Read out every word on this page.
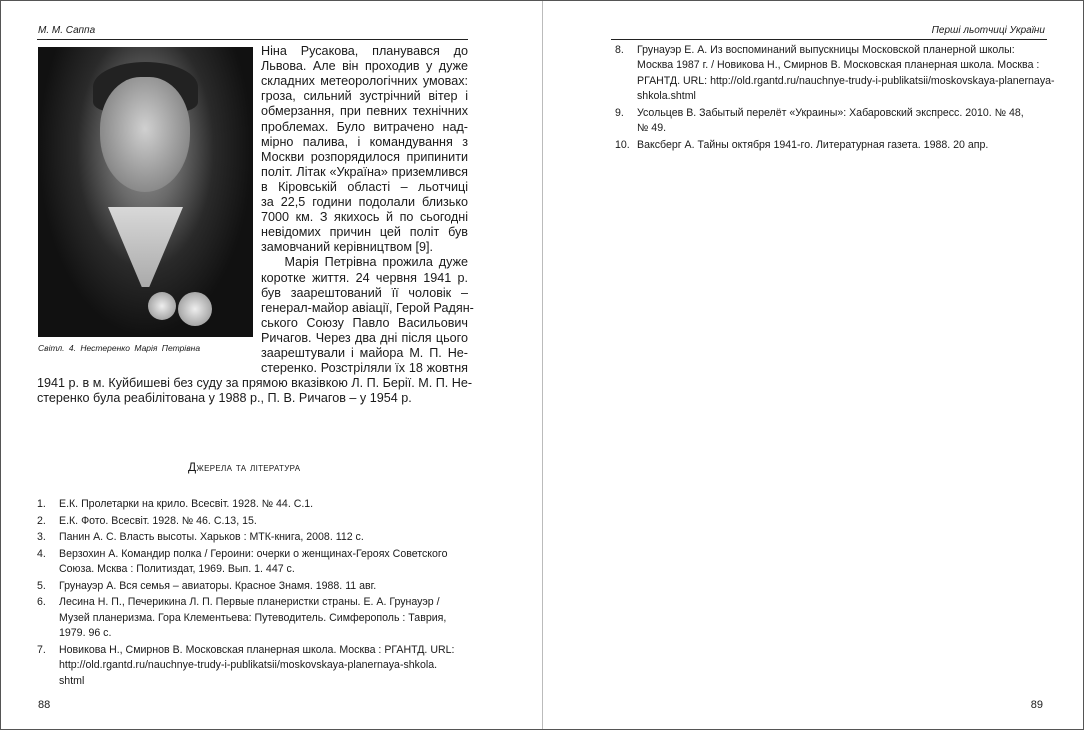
М. М. Саппа	Перші льотчиці України
Світл. 4. Нестеренко Марія Петрівна
Ніна Русакова, планувався до
Львова. Але він проходив у дуже
складних метеорологічних умовах:
гроза, сильний зустрічний вітер і
обмерзання, при певних технічних
проблемах. Було витрачено над-
мірно палива, і командування з
Москви розпорядилося припинити
політ. Літак «Україна» приземлився
в Кіровській області – льотчиці
за 22,5 години подолали близько
7000 км. З якихось й по сьогодні
невідомих причин цей політ був
замовчаний керівництвом [9].
Марія Петрівна прожила дуже
коротке життя. 24 червня 1941 р.
був заарештований її чоловік –
генерал-майор авіації, Герой Радян-
ського Союзу Павло Васильович
Ричагов. Через два дні після цього
заарештували і майора М. П. Не-
стеренко. Розстріляли їх 18 жовтня
1941 р. в м. Куйбишеві без суду за прямою вказівкою Л. П. Берії. М. П. Не-
стеренко була реабілітована у 1988 р., П. В. Ричагов – у 1954 р.
Джерела та література
1. Е.К. Пролетарки на крило. Всесвіт. 1928. № 44. С.1.
2. Е.К. Фото. Всесвіт. 1928. № 46. С.13, 15.
3. Панин А. С. Власть высоты. Харьков : МТК-книга, 2008. 112 с.
4. Верзохин А. Командир полка / Героини: очерки о женщинах-Героях Советского
Союза. Мсква : Политиздат, 1969. Вып. 1. 447 с.
5. Грунауэр А. Вся семья – авиаторы. Красное Знамя. 1988. 11 авг.
6. Лесина Н. П., Печерикина Л. П. Первые планеристки страны. Е. А. Грунауэр /
Музей планеризма. Гора Клементьева: Путеводитель. Симферополь : Таврия,
1979. 96 с.
7. Новикова Н., Смирнов В. Московская планерная школа. Москва : РГАНТД. URL:
http://old.rgantd.ru/nauchnye-trudy-i-publikatsii/moskovskaya-planernaya-shkola.
shtml
8. Грунауэр Е. А. Из воспоминаний выпускницы Московской планерной школы:
Москва 1987 г. / Новикова Н., Смирнов В. Московская планерная школа. Москва :
РГАНТД. URL: http://old.rgantd.ru/nauchnye-trudy-i-publikatsii/moskovskaya-planernaya-
shkola.shtml
9. Усольцев В. Забытый перелёт «Украины»: Хабаровский экспресс. 2010. № 48,
№ 49.
10. Ваксберг А. Тайны октября 1941-го. Литературная газета. 1988. 20 апр.
88	89
